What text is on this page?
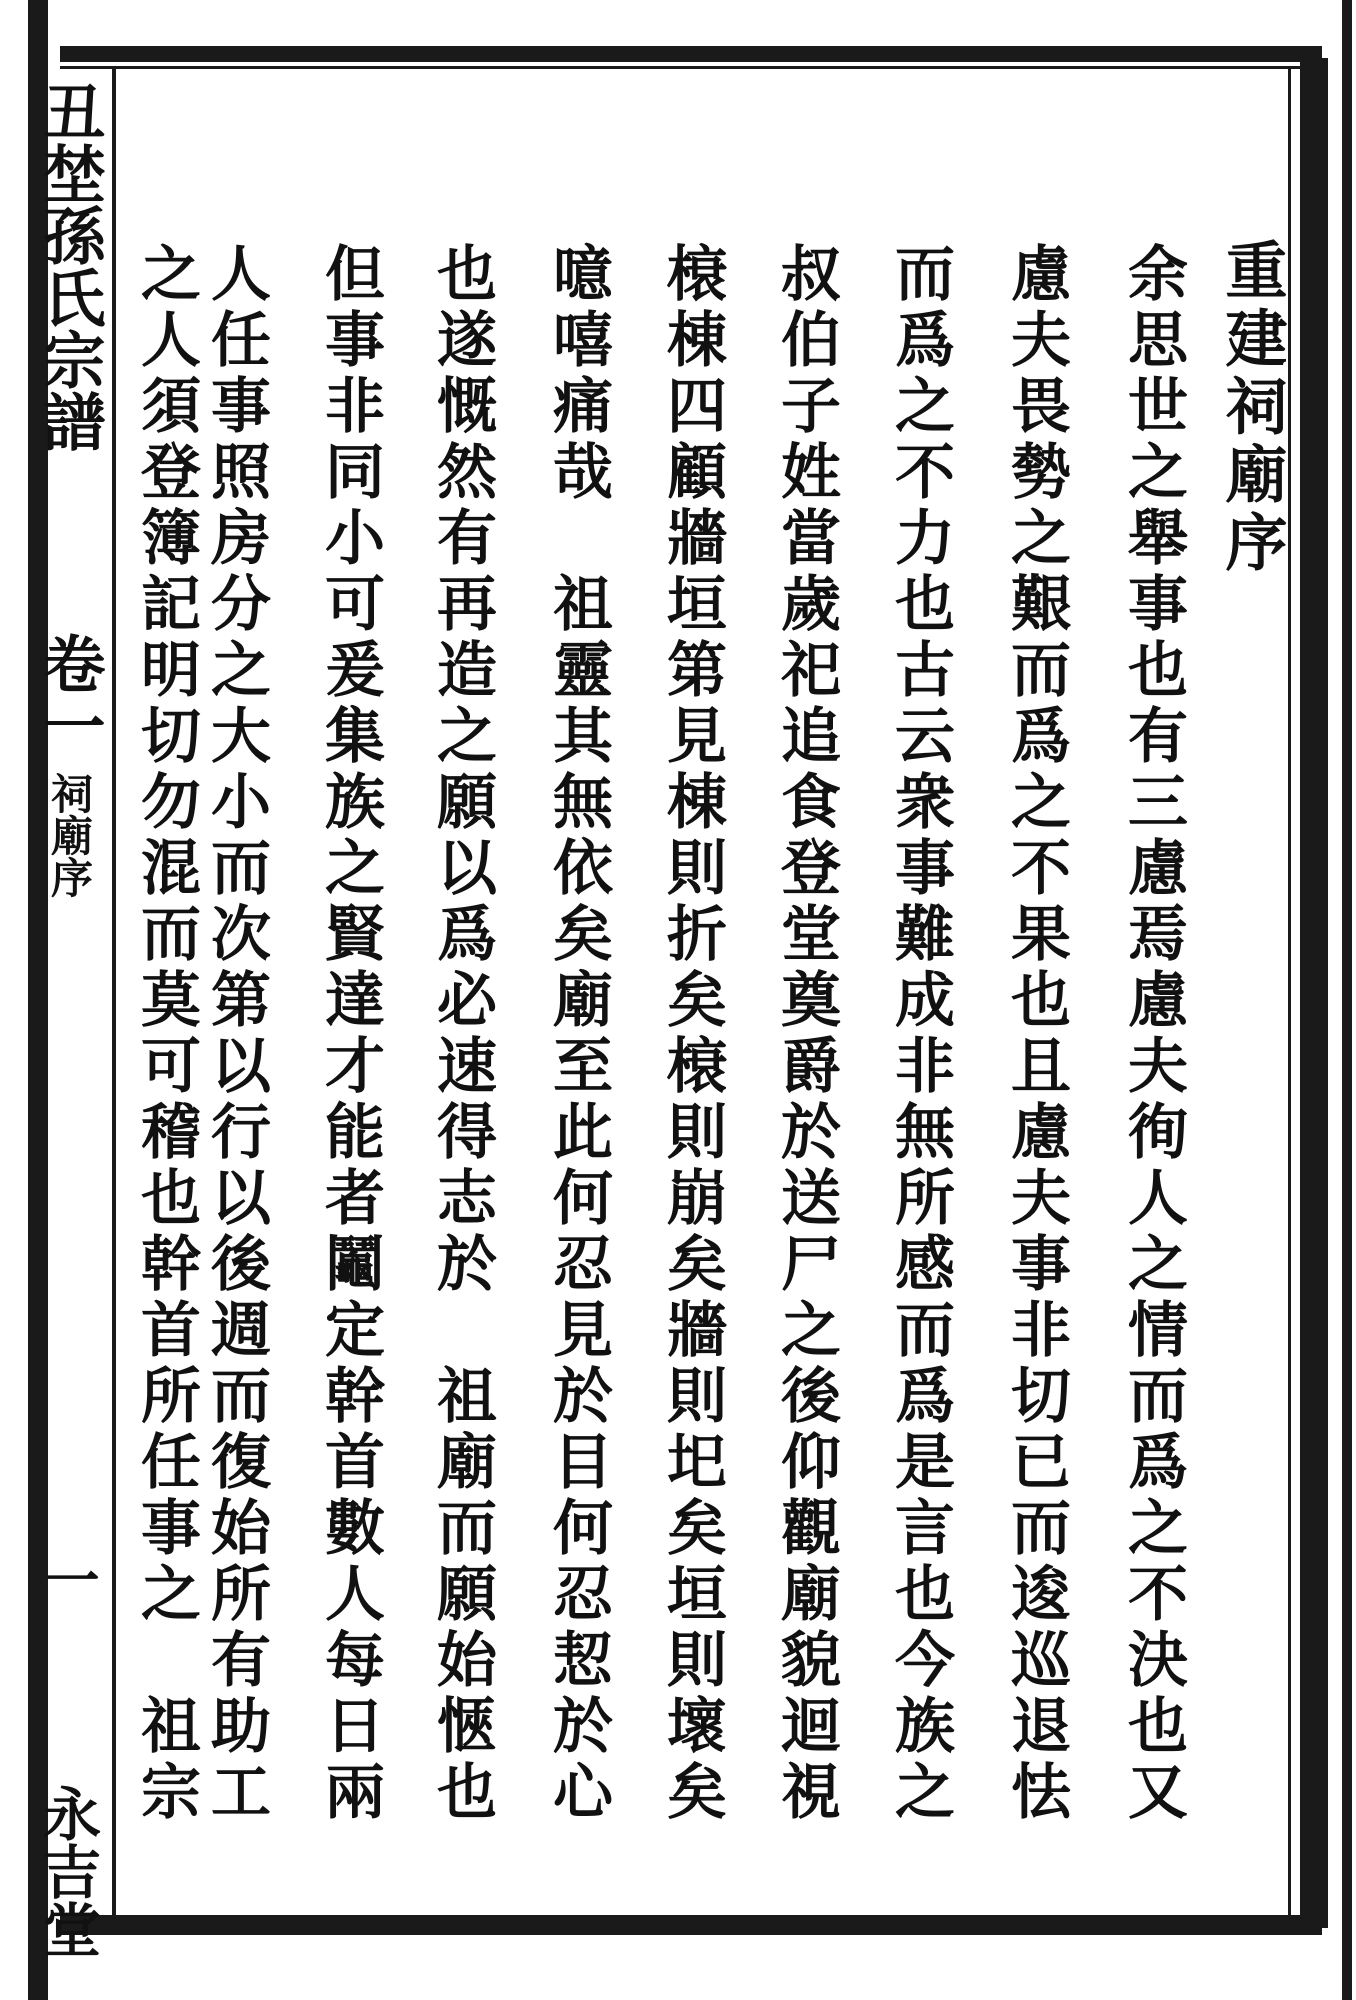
丑埜孫氏宗譜
卷一
祠廟序
一
永吉堂
重建祠廟序
余思世之舉事也有三慮焉慮夫徇人之情而爲之不決也又
慮夫畏勢之艱而爲之不果也且慮夫事非切已而逡巡退怯
而爲之不力也古云衆事難成非無所感而爲是言也今族之
叔伯子姓當歲祀追食登堂奠爵於送尸之後仰觀廟貌迴視
榱棟四顧牆垣第見棟則折矣榱則崩矣牆則圯矣垣則壞矣
噫嘻痛哉　祖靈其無依矣廟至此何忍見於目何忍恝於心
也遂慨然有再造之願以爲必速得志於　祖廟而願始愜也
但事非同小可爰集族之賢達才能者鬮定幹首數人每日兩
人任事照房分之大小而次第以行以後週而復始所有助工
之人須登簿記明切勿混而莫可稽也幹首所任事之　祖宗
